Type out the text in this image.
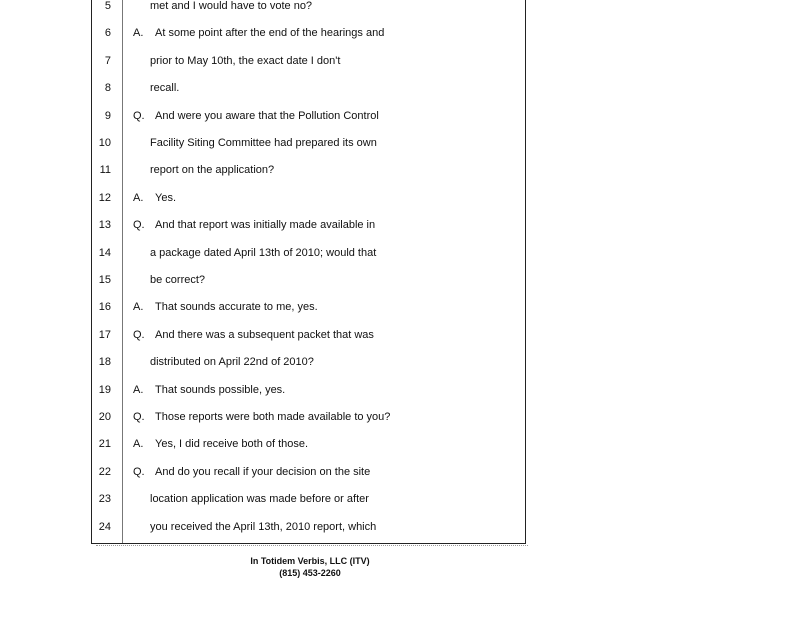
5	met and I would have to vote no?
6 A. At some point after the end of the hearings and
7	prior to May 10th, the exact date I don't
8	recall.
9 Q. And were you aware that the Pollution Control
10	Facility Siting Committee had prepared its own
11	report on the application?
12 A. Yes.
13 Q. And that report was initially made available in
14	a package dated April 13th of 2010; would that
15	be correct?
16 A. That sounds accurate to me, yes.
17 Q. And there was a subsequent packet that was
18	distributed on April 22nd of 2010?
19 A. That sounds possible, yes.
20 Q. Those reports were both made available to you?
21 A. Yes, I did receive both of those.
22 Q. And do you recall if your decision on the site
23	location application was made before or after
24	you received the April 13th, 2010 report, which
In Totidem Verbis, LLC (ITV)
(815) 453-2260
